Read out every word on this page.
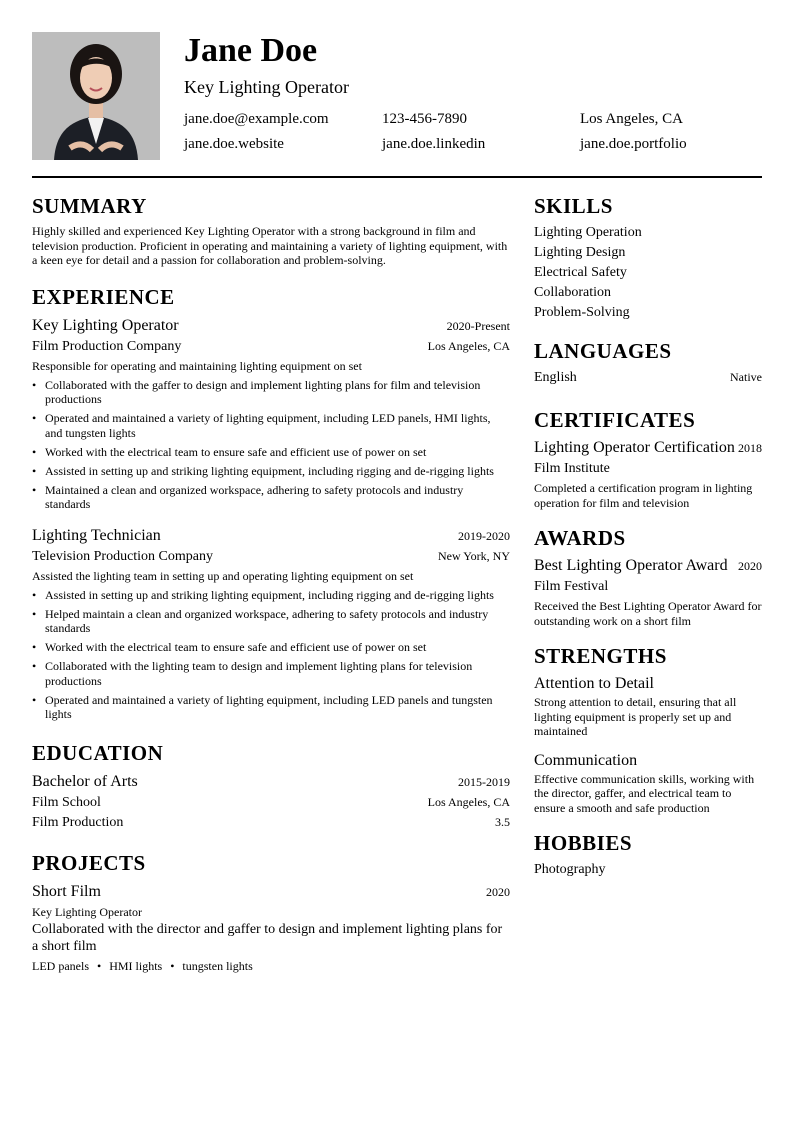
Jane Doe
Key Lighting Operator
jane.doe@example.com	123-456-7890	Los Angeles, CA
jane.doe.website	jane.doe.linkedin	jane.doe.portfolio
SUMMARY

Highly skilled and experienced Key Lighting Operator with a strong background in film and television production. Proficient in operating and maintaining a variety of lighting equipment, with a keen eye for detail and a passion for collaboration and problem-solving.

EXPERIENCE
Key Lighting Operator	2020-Present
Film Production Company	Los Angeles, CA

Responsible for operating and maintaining lighting equipment on set

• Collaborated with the gaffer to design and implement lighting plans for film and television productions
• Operated and maintained a variety of lighting equipment, including LED panels, HMI lights, and tungsten lights
• Worked with the electrical team to ensure safe and efficient use of power on set
• Assisted in setting up and striking lighting equipment, including rigging and de-rigging lights
• Maintained a clean and organized workspace, adhering to safety protocols and industry standards
Lighting Technician	2019-2020
Television Production Company	New York, NY

Assisted the lighting team in setting up and operating lighting equipment on set

• Assisted in setting up and striking lighting equipment, including rigging and de-rigging lights
• Helped maintain a clean and organized workspace, adhering to safety protocols and industry standards
• Worked with the electrical team to ensure safe and efficient use of power on set
• Collaborated with the lighting team to design and implement lighting plans for television productions
• Operated and maintained a variety of lighting equipment, including LED panels and tungsten lights
EDUCATION
Bachelor of Arts	2015-2019
Film School	Los Angeles, CA
Film Production	3.5
PROJECTS
Short Film	2020

Key Lighting Operator

Collaborated with the director and gaffer to design and implement lighting plans for a short film

LED panels • HMI lights • tungsten lights

SKILLS
Lighting Operation
Lighting Design
Electrical Safety
Collaboration
Problem-Solving
LANGUAGES
English	Native
CERTIFICATES
Lighting Operator Certification 2018
Film Institute

Completed a certification program in lighting operation for film and television

AWARDS
Best Lighting Operator Award 2020
Film Festival

Received the Best Lighting Operator Award for outstanding work on a short film

STRENGTHS
Attention to Detail

Strong attention to detail, ensuring that all lighting equipment is properly set up and maintained

Communication

Effective communication skills, working with the director, gaffer, and electrical team to ensure a smooth and safe production

HOBBIES
Photography
